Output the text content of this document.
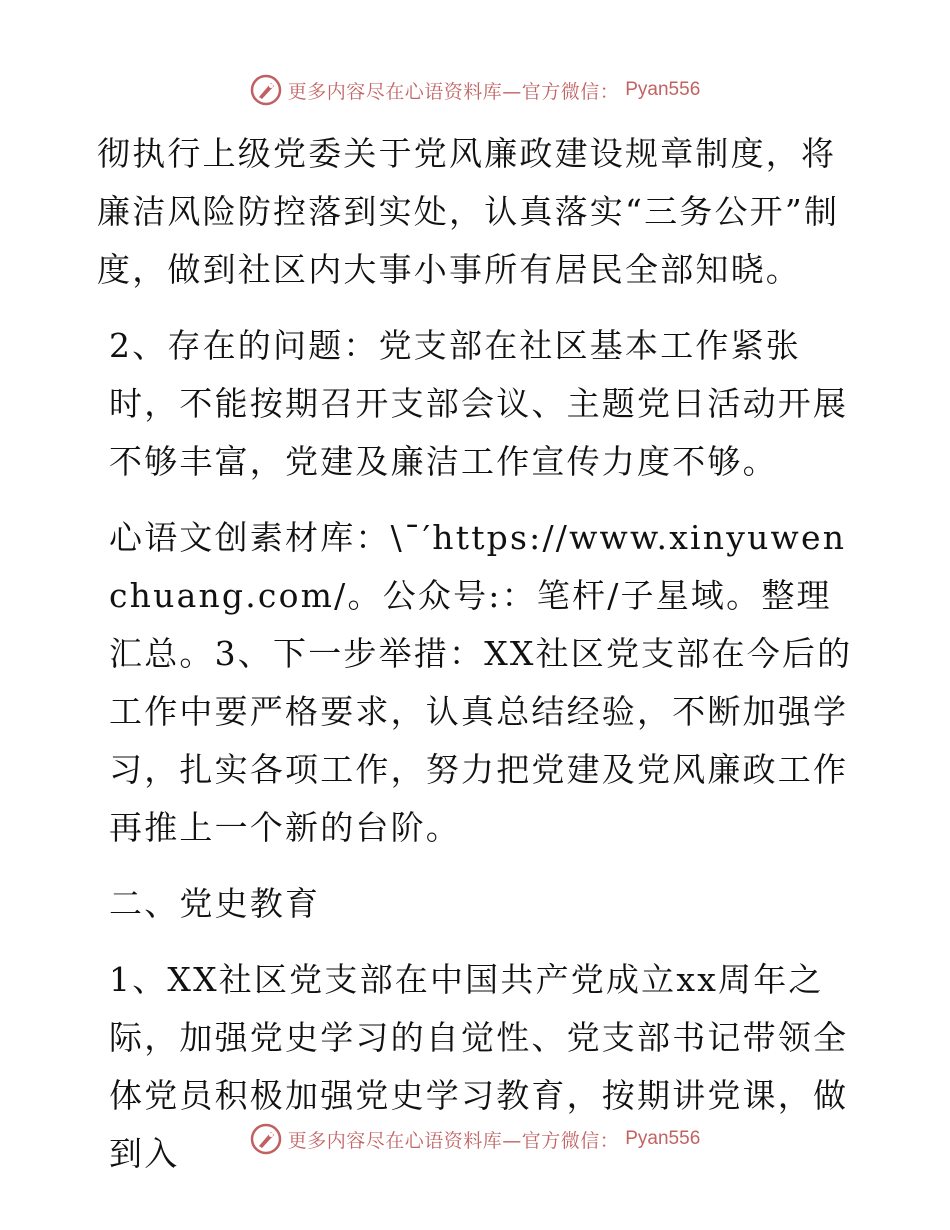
更多内容尽在心语资料库—官方微信： Pyan556

彻执行上级党委关于党风廉政建设规章制度，将廉洁风险防控落到实处，认真落实“三务公开”制度，做到社区内大事小事所有居民全部知晓。

2、存在的问题：党支部在社区基本工作紧张时，不能按期召开支部会议、主题党日活动开展不够丰富，党建及廉洁工作宣传力度不够。

心语文创素材库：\¯′https://www.xinyuwenchuang.com/。公众号:：笔杆/子星域。整理汇总。3、下一步举措：XX社区党支部在今后的工作中要严格要求，认真总结经验，不断加强学习，扎实各项工作，努力把党建及党风廉政工作再推上一个新的台阶。

二、党史教育

1、XX社区党支部在中国共产党成立xx周年之际，加强党史学习的自觉性、党支部书记带领全体党员积极加强党史学习教育，按期讲党课，做到入	更多内容尽在心语资料库—官方微信： Pyan556
